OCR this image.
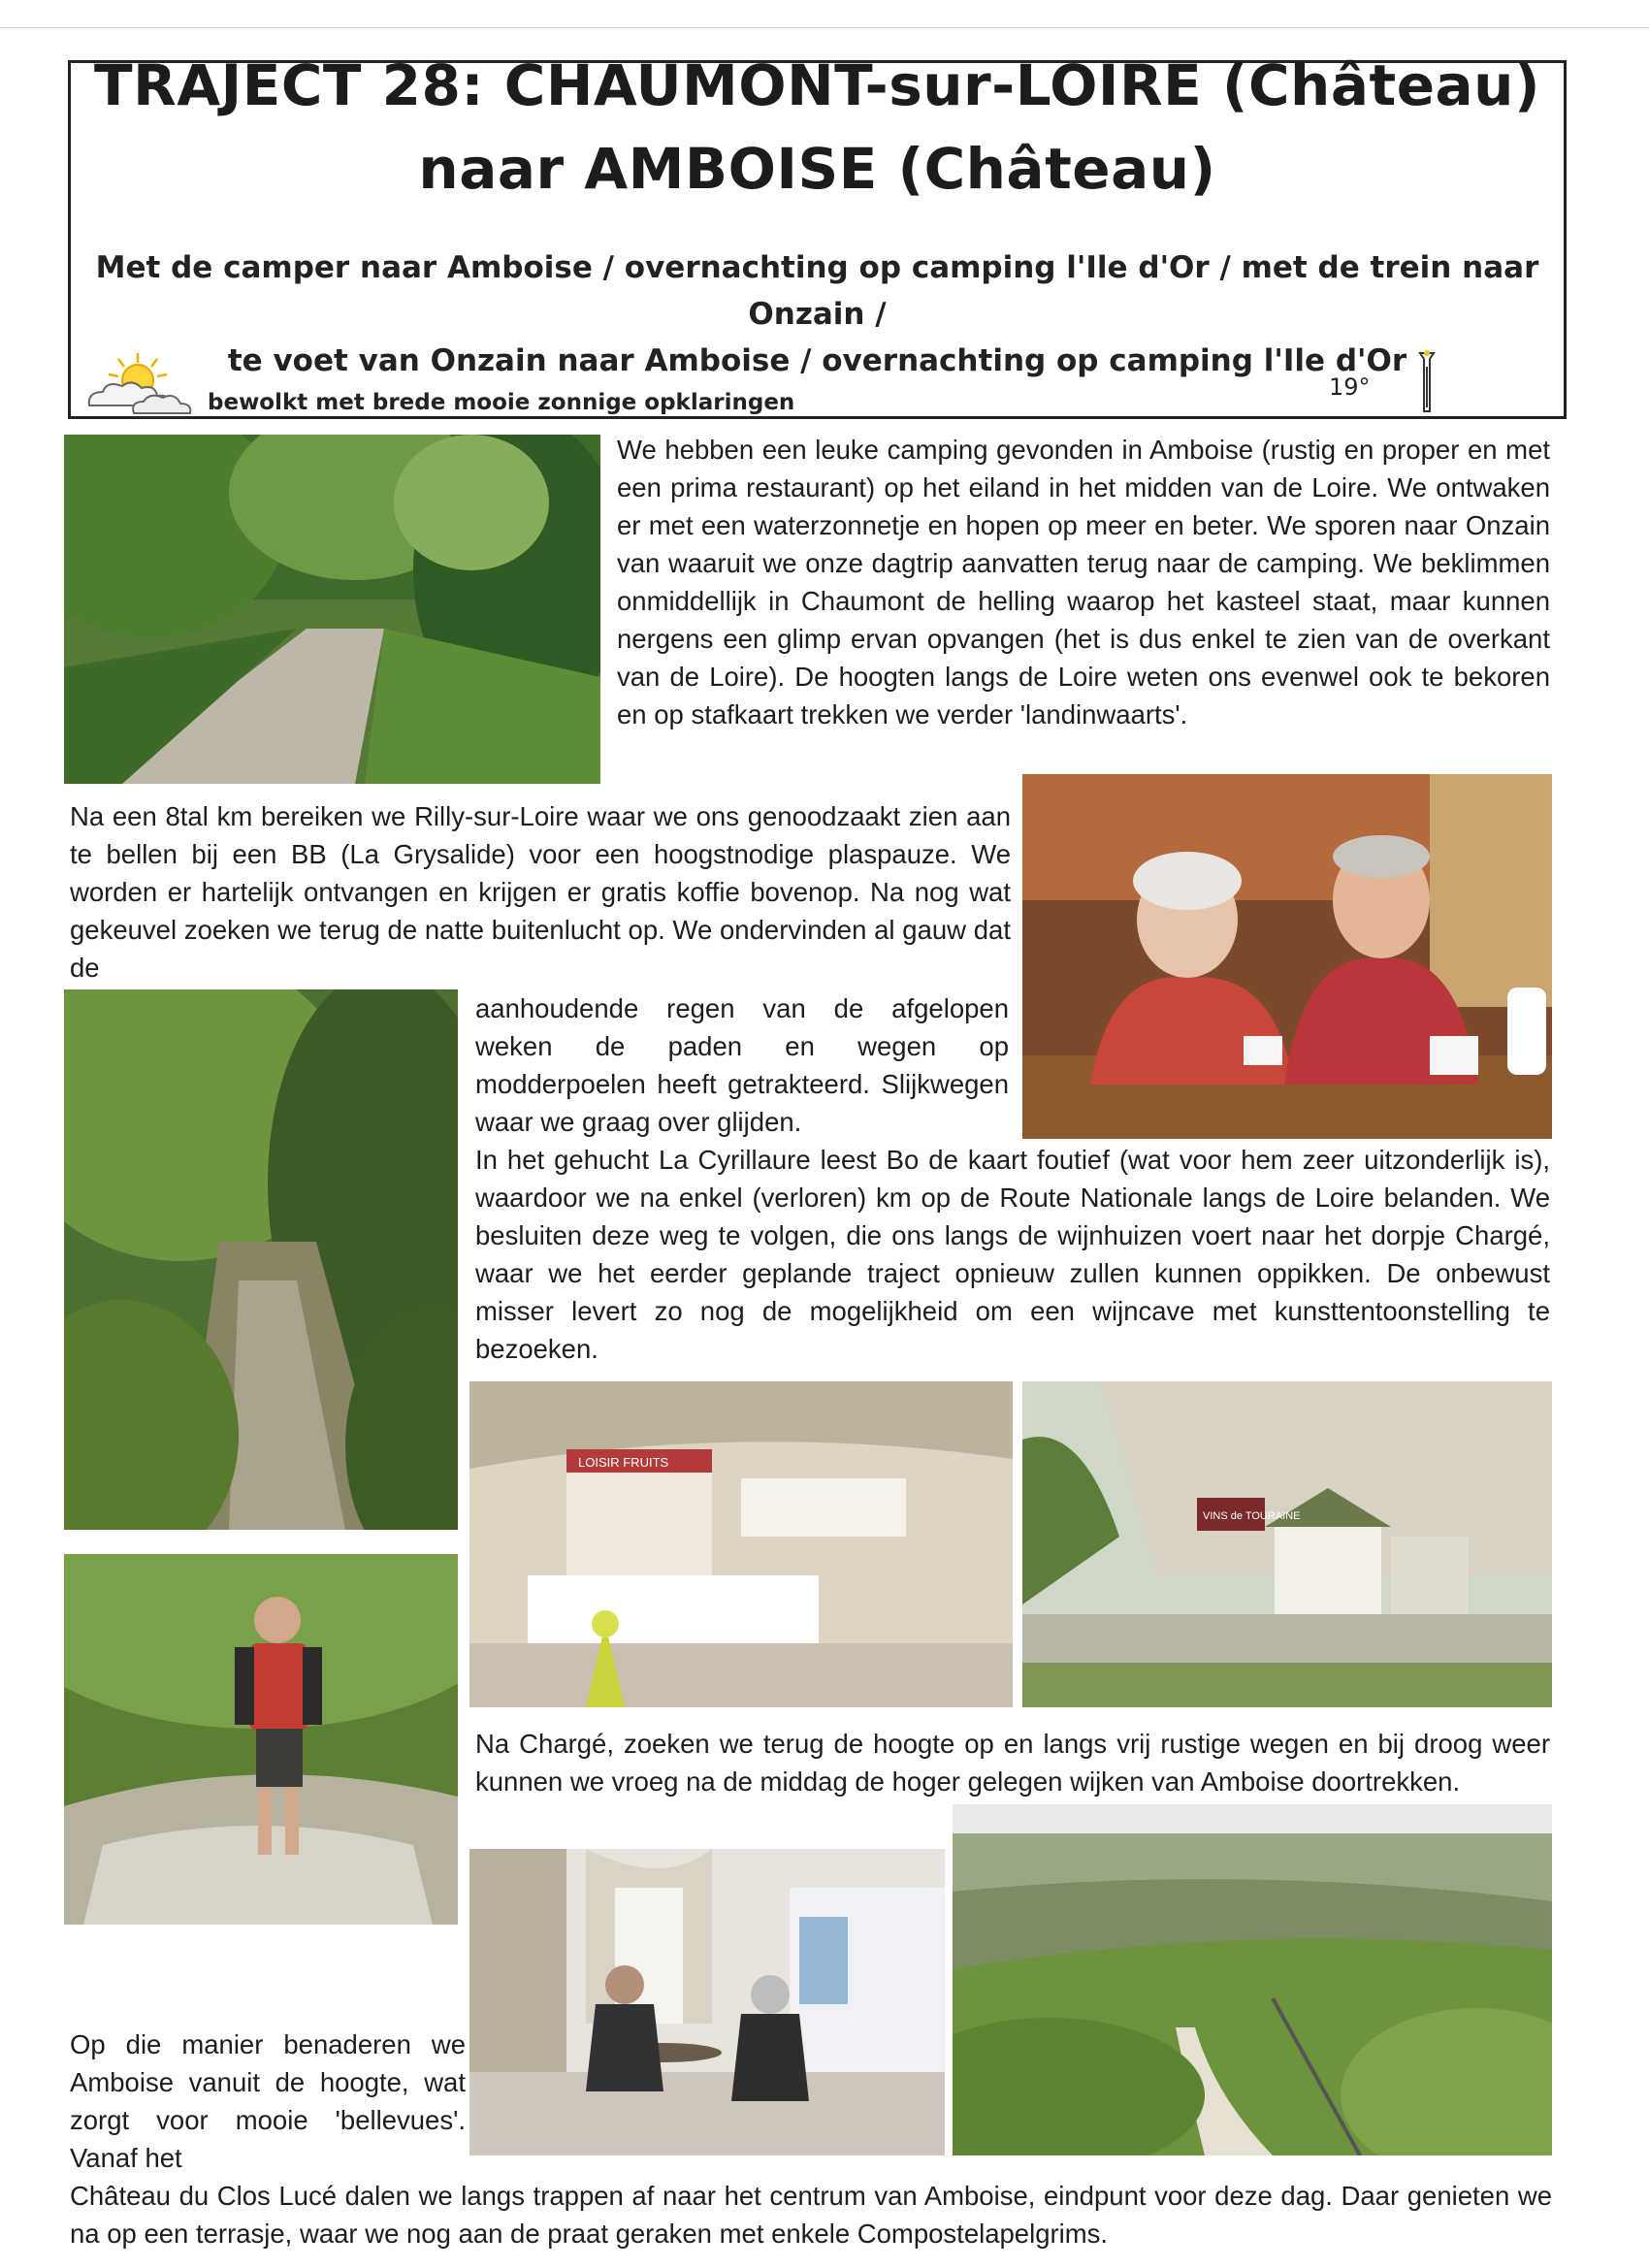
TRAJECT 28: CHAUMONT-sur-LOIRE (Château)
naar AMBOISE (Château)
Met de camper naar Amboise / overnachting op camping l'Ile d'Or / met de trein naar Onzain /
te voet van Onzain naar Amboise / overnachting op camping l'Ile d'Or
bewolkt met brede mooie zonnige opklaringen
19°

We hebben een leuke camping gevonden in Amboise (rustig en proper en met een prima restaurant) op het eiland in het midden van de Loire. We ontwaken er met een waterzonnetje en hopen op meer en beter. We sporen naar Onzain van waaruit we onze dagtrip aanvatten terug naar de camping. We beklimmen onmiddellijk in Chaumont de helling waarop het kasteel staat, maar kunnen nergens een glimp ervan opvangen (het is dus enkel te zien van de overkant van de Loire). De hoogten langs de Loire weten ons evenwel ook te bekoren en op stafkaart trekken we verder 'landinwaarts'.

Na een 8tal km bereiken we Rilly-sur-Loire waar we ons genoodzaakt zien aan te bellen bij een BB (La Grysalide) voor een hoogstnodige plaspauze. We worden er hartelijk ontvangen en krijgen er gratis koffie bovenop. Na nog wat gekeuvel zoeken we terug de natte buitenlucht op. We ondervinden al gauw dat de

aanhoudende regen van de afgelopen weken de paden en wegen op modderpoelen heeft getrakteerd. Slijkwegen waar we graag over glijden.

In het gehucht La Cyrillaure leest Bo de kaart foutief (wat voor hem zeer uitzonderlijk is), waardoor we na enkel (verloren) km op de Route Nationale langs de Loire belanden. We besluiten deze weg te volgen, die ons langs de wijnhuizen voert naar het dorpje Chargé, waar we het eerder geplande traject opnieuw zullen kunnen oppikken. De onbewust misser levert zo nog de mogelijkheid om een wijncave met kunsttentoonstelling te bezoeken.

LOISIR FRUITS
VINS de TOURAINE

Na Chargé, zoeken we terug de hoogte op en langs vrij rustige wegen en bij droog weer kunnen we vroeg na de middag de hoger gelegen wijken van Amboise doortrekken.

Op die manier benaderen we Amboise vanuit de hoogte, wat zorgt voor mooie 'bellevues'. Vanaf het

Château du Clos Lucé dalen we langs trappen af naar het centrum van Amboise, eindpunt voor deze dag. Daar genieten we na op een terrasje, waar we nog aan de praat geraken met enkele Compostelapelgrims.
